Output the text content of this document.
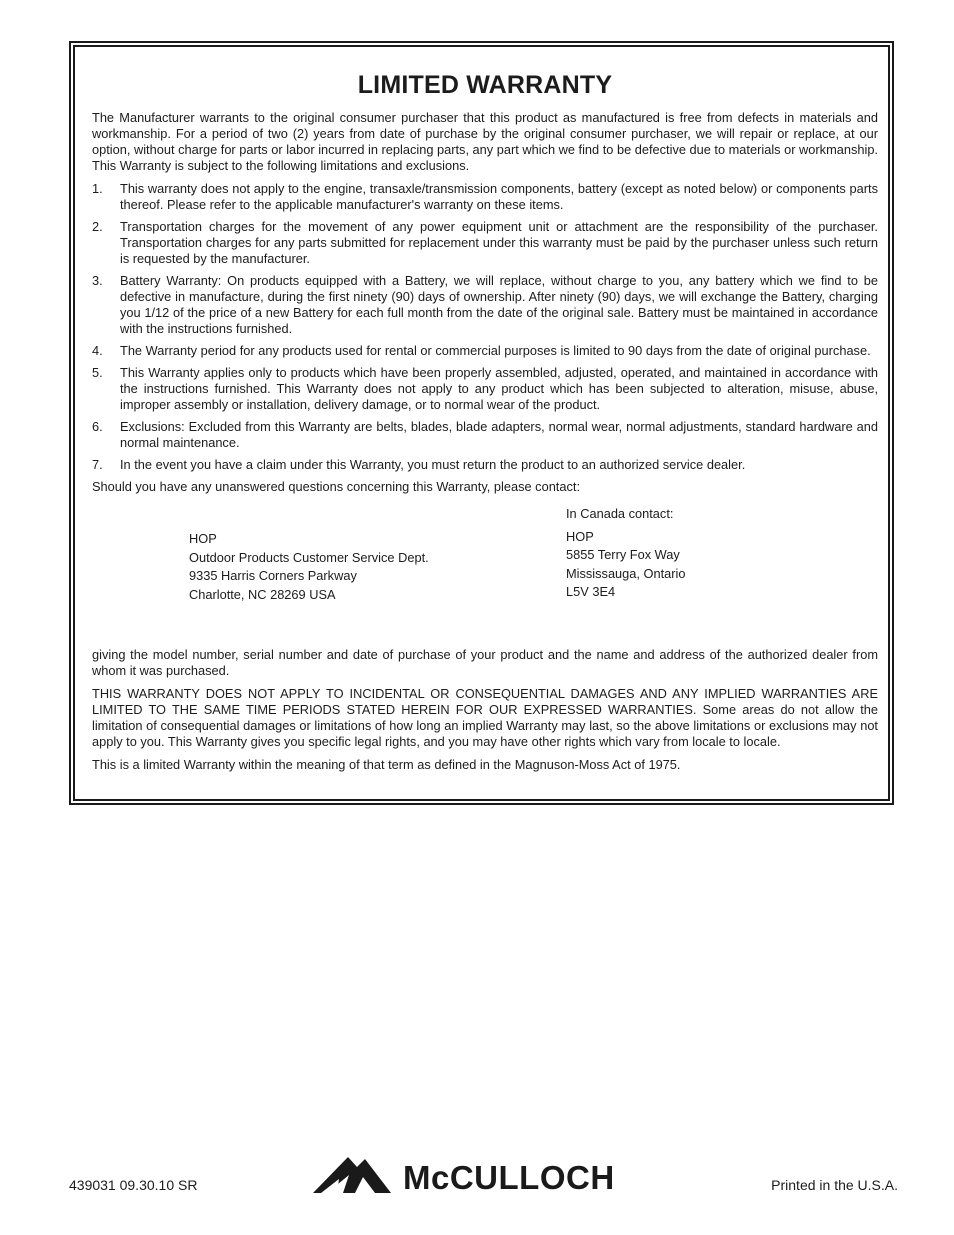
LIMITED WARRANTY

The Manufacturer warrants to the original consumer purchaser that this product as manufactured is free from defects in materials and workmanship. For a period of two (2) years from date of purchase by the original consumer purchaser, we will repair or replace, at our option, without charge for parts or labor incurred in replacing parts, any part which we find to be defective due to materials or workmanship. This Warranty is subject to the following limitations and exclusions.

1. This warranty does not apply to the engine, transaxle/transmission components, battery (except as noted below) or components parts thereof. Please refer to the applicable manufacturer's warranty on these items.
2. Transportation charges for the movement of any power equipment unit or attachment are the responsibility of the purchaser. Transportation charges for any parts submitted for replacement under this warranty must be paid by the purchaser unless such return is requested by the manufacturer.
3. Battery Warranty: On products equipped with a Battery, we will replace, without charge to you, any battery which we find to be defective in manufacture, during the first ninety (90) days of ownership. After ninety (90) days, we will exchange the Battery, charging you 1/12 of the price of a new Battery for each full month from the date of the original sale. Battery must be maintained in accordance with the instructions furnished.
4. The Warranty period for any products used for rental or commercial purposes is limited to 90 days from the date of original purchase.
5. This Warranty applies only to products which have been properly assembled, adjusted, operated, and maintained in accordance with the instructions furnished. This Warranty does not apply to any product which has been subjected to alteration, misuse, abuse, improper assembly or installation, delivery damage, or to normal wear of the product.
6. Exclusions: Excluded from this Warranty are belts, blades, blade adapters, normal wear, normal adjustments, standard hardware and normal maintenance.
7. In the event you have a claim under this Warranty, you must return the product to an authorized service dealer.

Should you have any unanswered questions concerning this Warranty, please contact:

HOP
Outdoor Products Customer Service Dept.
9335 Harris Corners Parkway
Charlotte, NC 28269 USA
In Canada contact:
HOP
5855 Terry Fox Way
Mississauga, Ontario
L5V 3E4

giving the model number, serial number and date of purchase of your product and the name and address of the authorized dealer from whom it was purchased.

THIS WARRANTY DOES NOT APPLY TO INCIDENTAL OR CONSEQUENTIAL DAMAGES AND ANY IMPLIED WARRANTIES ARE LIMITED TO THE SAME TIME PERIODS STATED HEREIN FOR OUR EXPRESSED WARRANTIES. Some areas do not allow the limitation of consequential damages or limitations of how long an implied Warranty may last, so the above limitations or exclusions may not apply to you. This Warranty gives you specific legal rights, and you may have other rights which vary from locale to locale.

This is a limited Warranty within the meaning of that term as defined in the Magnuson-Moss Act of 1975.

439031 09.30.10 SR	McCULLOCH	Printed in the U.S.A.
